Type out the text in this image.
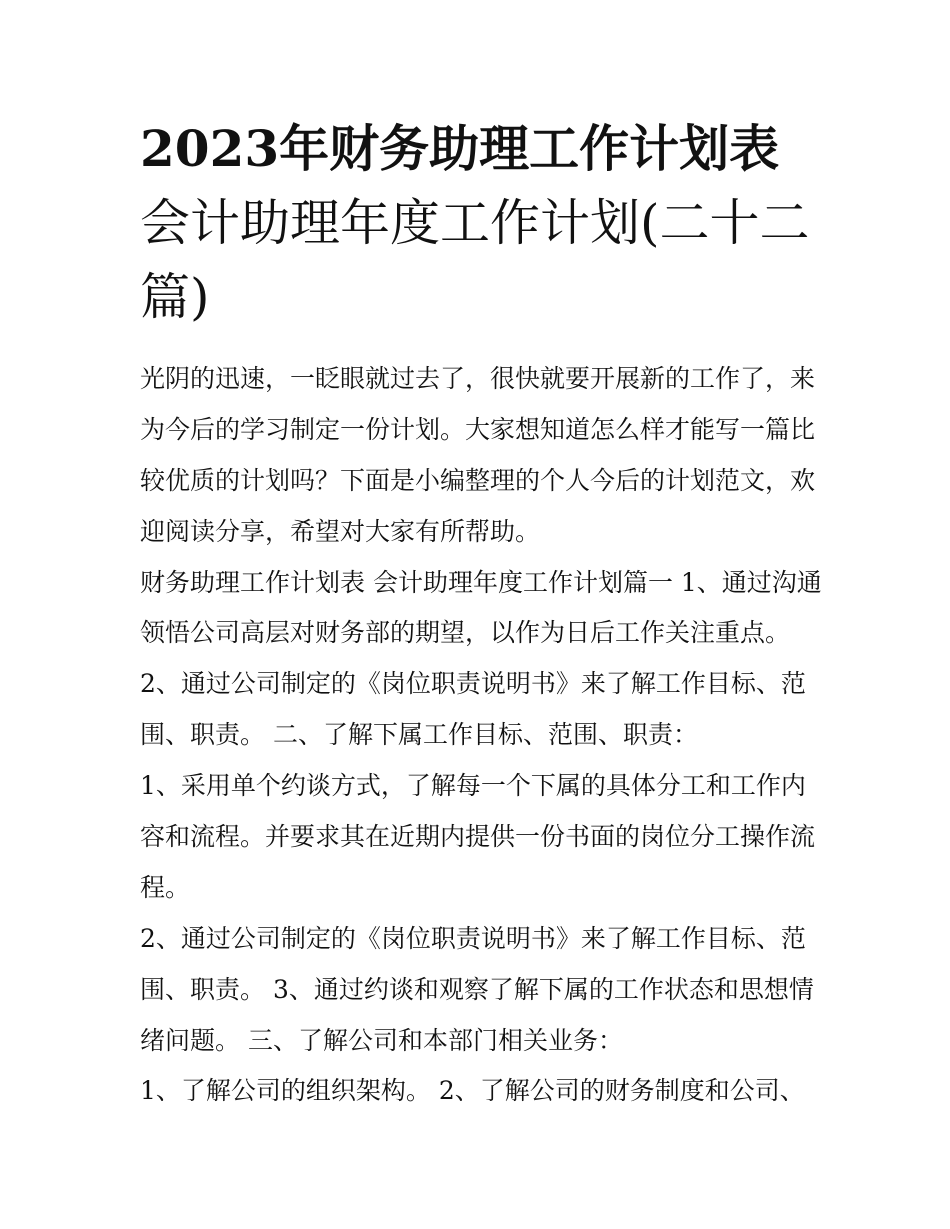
2023年财务助理工作计划表
会计助理年度工作计划(二十二
篇)
光阴的迅速，一眨眼就过去了，很快就要开展新的工作了，来
为今后的学习制定一份计划。大家想知道怎么样才能写一篇比
较优质的计划吗？下面是小编整理的个人今后的计划范文，欢
迎阅读分享，希望对大家有所帮助。
财务助理工作计划表 会计助理年度工作计划篇一 1、通过沟通
领悟公司高层对财务部的期望，以作为日后工作关注重点。
2、通过公司制定的《岗位职责说明书》来了解工作目标、范
围、职责。 二、了解下属工作目标、范围、职责：
1、采用单个约谈方式，了解每一个下属的具体分工和工作内
容和流程。并要求其在近期内提供一份书面的岗位分工操作流
程。
2、通过公司制定的《岗位职责说明书》来了解工作目标、范
围、职责。 3、通过约谈和观察了解下属的工作状态和思想情
绪问题。 三、了解公司和本部门相关业务：
1、了解公司的组织架构。 2、了解公司的财务制度和公司、
